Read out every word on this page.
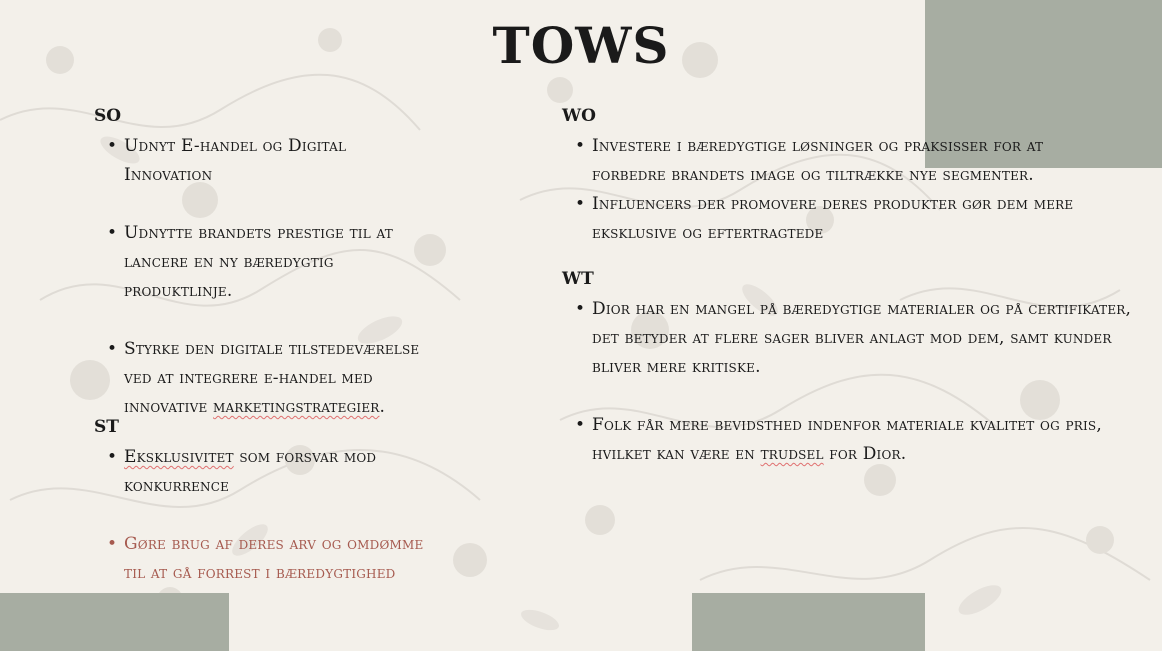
TOWS
SO
• Udnyt E-handel og Digital Innovation
• Udnytte brandets prestige til at lancere en ny bæredygtig produktlinje.
• Styrke den digitale tilstedeværelse ved at integrere e-handel med innovative marketingstrategier.
ST
• Eksklusivitet som forsvar mod konkurrence
• Gøre brug af deres arv og omdømme til at gå forrest i bæredygtighed
WO
• Investere i bæredygtige løsninger og praksisser for at forbedre brandets image og tiltrække nye segmenter.
• Influencers der promovere deres produkter gør dem mere eksklusive og eftertragtede
WT
• Dior har en mangel på bæredygtige materialer og på certifikater, det betyder at flere sager bliver anlagt mod dem, samt kunder bliver mere kritiske.
• Folk får mere bevidsthed indenfor materiale kvalitet og pris, hvilket kan være en trudsel for Dior.
